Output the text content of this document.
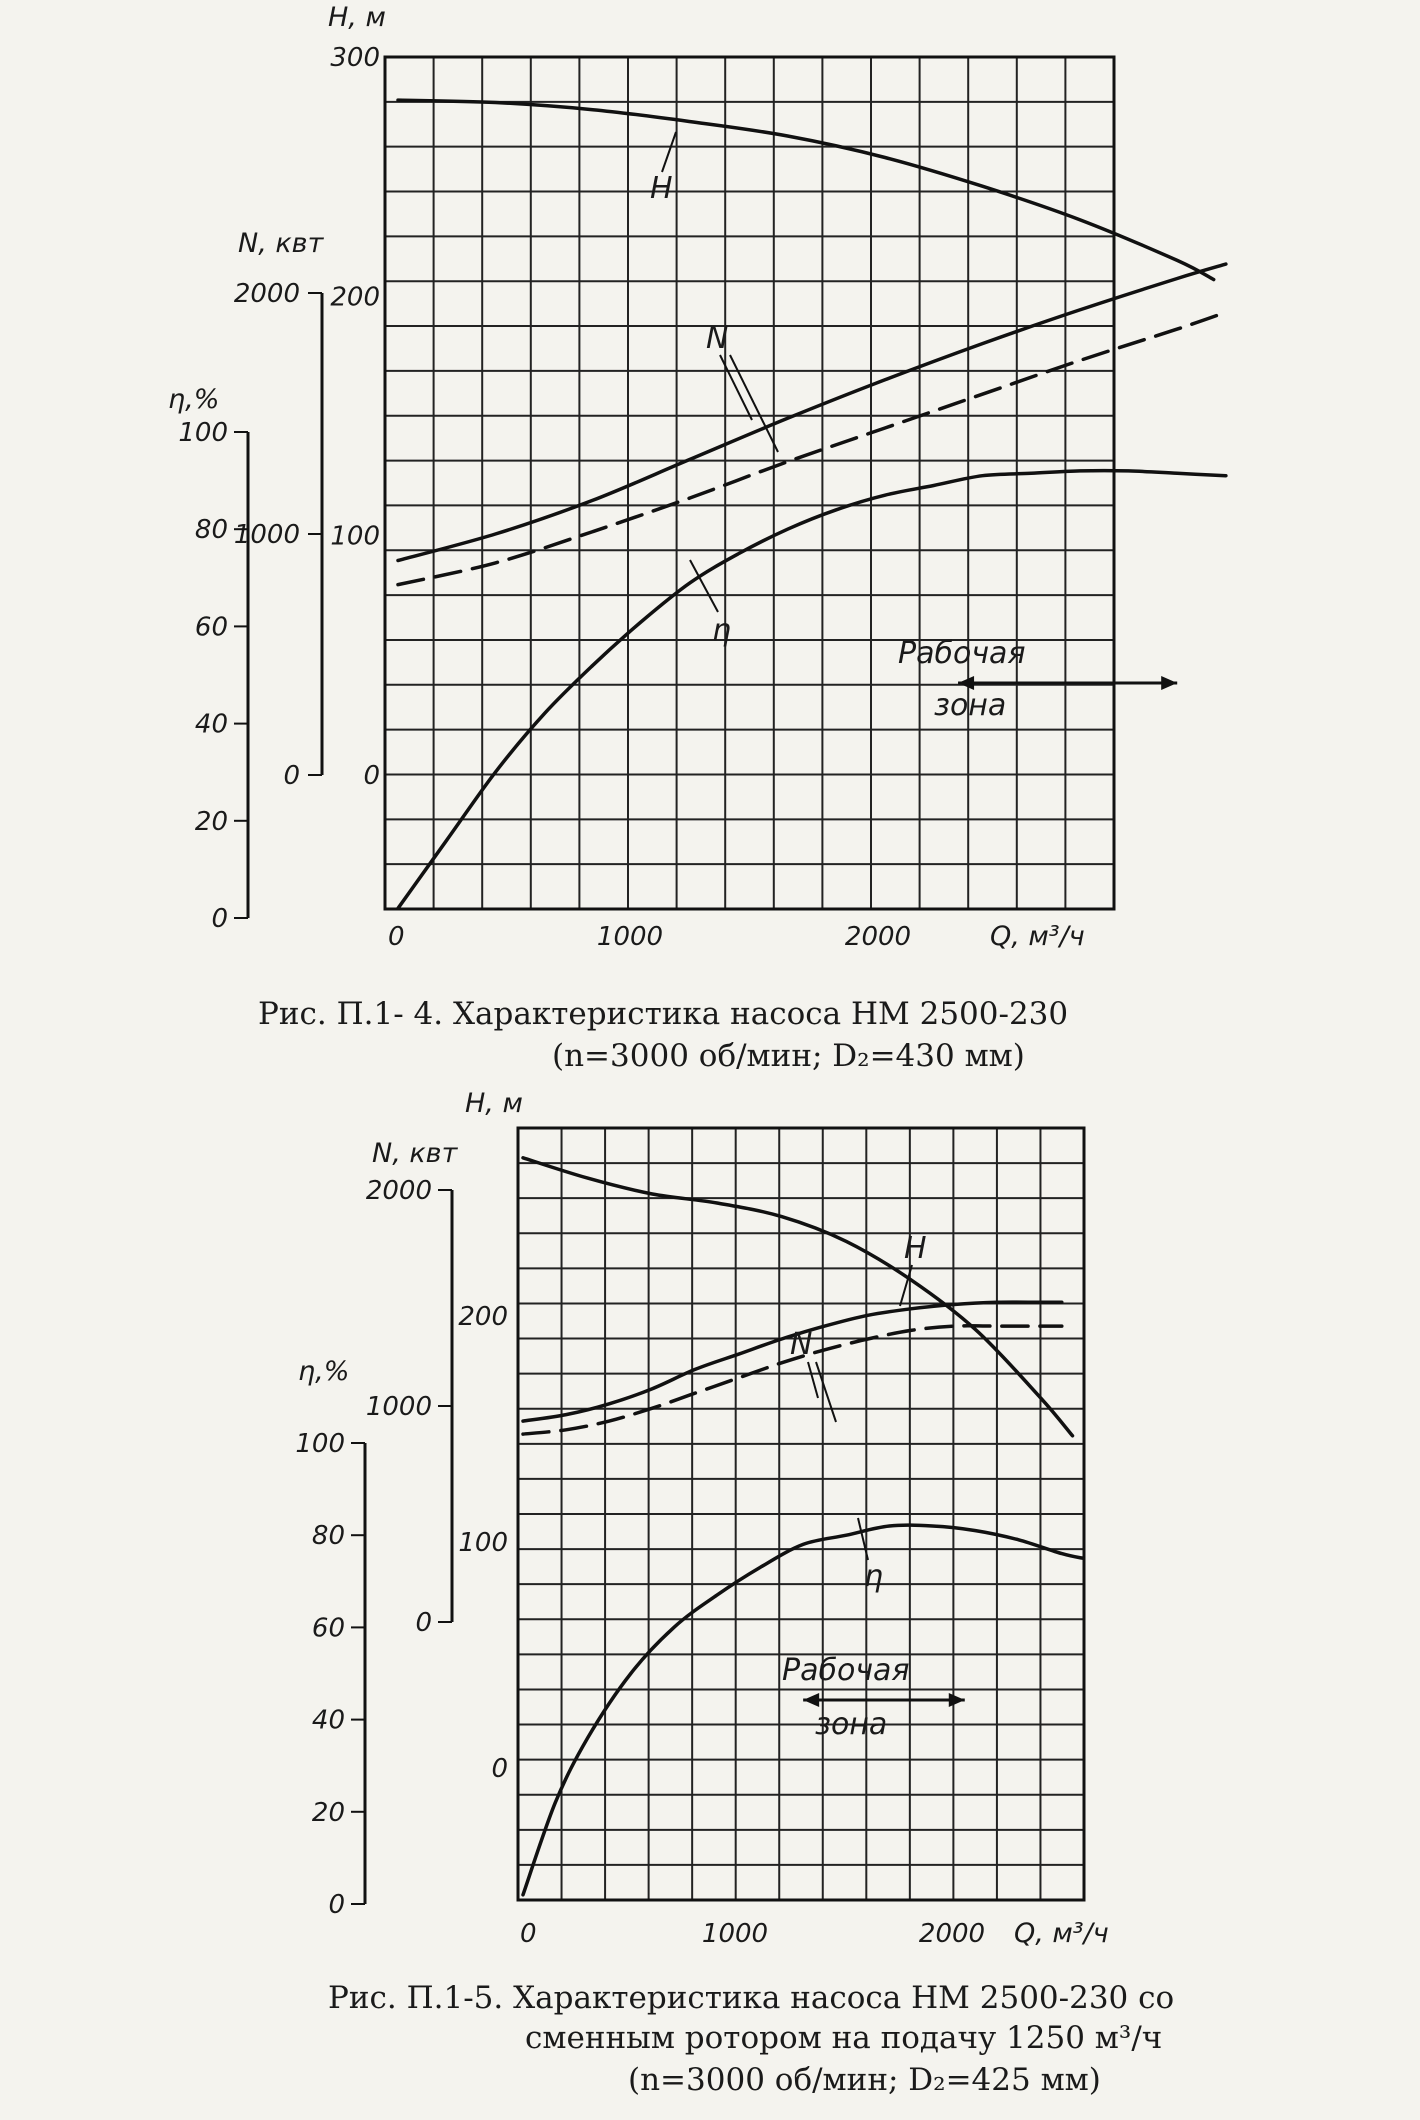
300
200
100
0
2000
1000
0
100
80
60
40
20
0
H, м
N, квт
η,%
0	1000	2000	Q, м³/ч
H
N
η
Рабочая
зона
200
100
0
2000
1000
0
100
80
60
40
20
0
H, м
N, квт
η,%
0	1000	2000 Q, м³/ч
H
N
η
Рабочая
зона
Рис. П.1- 4. Характеристика насоса НМ 2500-230
(n=3000 об/мин; D₂=430 мм)
Рис. П.1-5. Характеристика насоса НМ 2500-230 со
сменным ротором на подачу 1250 м³/ч
(n=3000 об/мин; D₂=425 мм)
